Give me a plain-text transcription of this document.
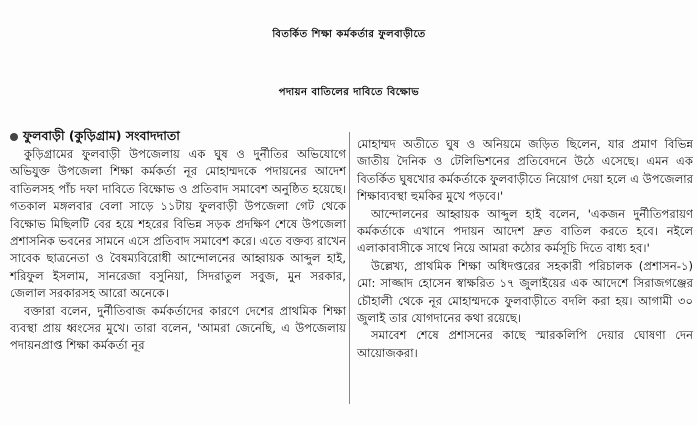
বিতর্কিত শিক্ষা কর্মকর্তার ফুলবাড়ীতে
পদায়ন বাতিলের দাবিতে বিক্ষোভ
ফুলবাড়ী (কুড়িগ্রাম) সংবাদদাতা

কুড়িগ্রামের ফুলবাড়ী উপজেলায় এক ঘুষ ও দুর্নীতির অভিযোগে অভিযুক্ত উপজেলা শিক্ষা কর্মকর্তা নূর মোহাম্মদকে পদায়নের আদেশ বাতিলসহ পাঁচ দফা দাবিতে বিক্ষোভ ও প্রতিবাদ সমাবেশ অনুষ্ঠিত হয়েছে। গতকাল মঙ্গলবার বেলা সাড়ে ১১টায় ফুলবাড়ী উপজেলা গেট থেকে বিক্ষোভ মিছিলটি বের হয়ে শহরের বিভিন্ন সড়ক প্রদক্ষিণ শেষে উপজেলা প্রশাসনিক ভবনের সামনে এসে প্রতিবাদ সমাবেশ করে। এতে বক্তব্য রাখেন সাবেক ছাত্রনেতা ও বৈষম্যবিরোধী আন্দোলনের আহ্বায়ক আব্দুল হাই, শরিফুল ইসলাম, সানরেজা বসুনিয়া, সিদরাতুল সবুজ, মুন সরকার, জেলাল সরকারসহ আরো অনেকে।

বক্তারা বলেন, দুর্নীতিবাজ কর্মকর্তাদের কারণে দেশের প্রাথমিক শিক্ষা ব্যবস্থা প্রায় ধ্বংসের মুখে। তারা বলেন, 'আমরা জেনেছি, এ উপজেলায় পদায়নপ্রাপ্ত শিক্ষা কর্মকর্তা নূর

মোহাম্মদ অতীতে ঘুষ ও অনিয়মে জড়িত ছিলেন, যার প্রমাণ বিভিন্ন জাতীয় দৈনিক ও টেলিভিশনের প্রতিবেদনে উঠে এসেছে। এমন এক বিতর্কিত ঘুষখোর কর্মকর্তাকে ফুলবাড়ীতে নিয়োগ দেয়া হলে এ উপজেলার শিক্ষাব্যবস্থা হুমকির মুখে পড়বে।'

আন্দোলনের আহ্বায়ক আব্দুল হাই বলেন, 'একজন দুর্নীতিপরায়ণ কর্মকর্তাকে এখানে পদায়ন আদেশ দ্রুত বাতিল করতে হবে। নইলে এলাকাবাসীকে সাথে নিয়ে আমরা কঠোর কর্মসূচি দিতে বাধ্য হব।'

উল্লেখ্য, প্রাথমিক শিক্ষা অধিদপ্তরের সহকারী পরিচালক (প্রশাসন-১) মো: সাজ্জাদ হোসেন স্বাক্ষরিত ১৭ জুলাইয়ের এক আদেশে সিরাজগঞ্জের চৌহালী থেকে নূর মোহাম্মদকে ফুলবাড়ীতে বদলি করা হয়। আগামী ৩০ জুলাই তার যোগদানের কথা রয়েছে।

সমাবেশ শেষে প্রশাসনের কাছে স্মারকলিপি দেয়ার ঘোষণা দেন আয়োজকরা।
